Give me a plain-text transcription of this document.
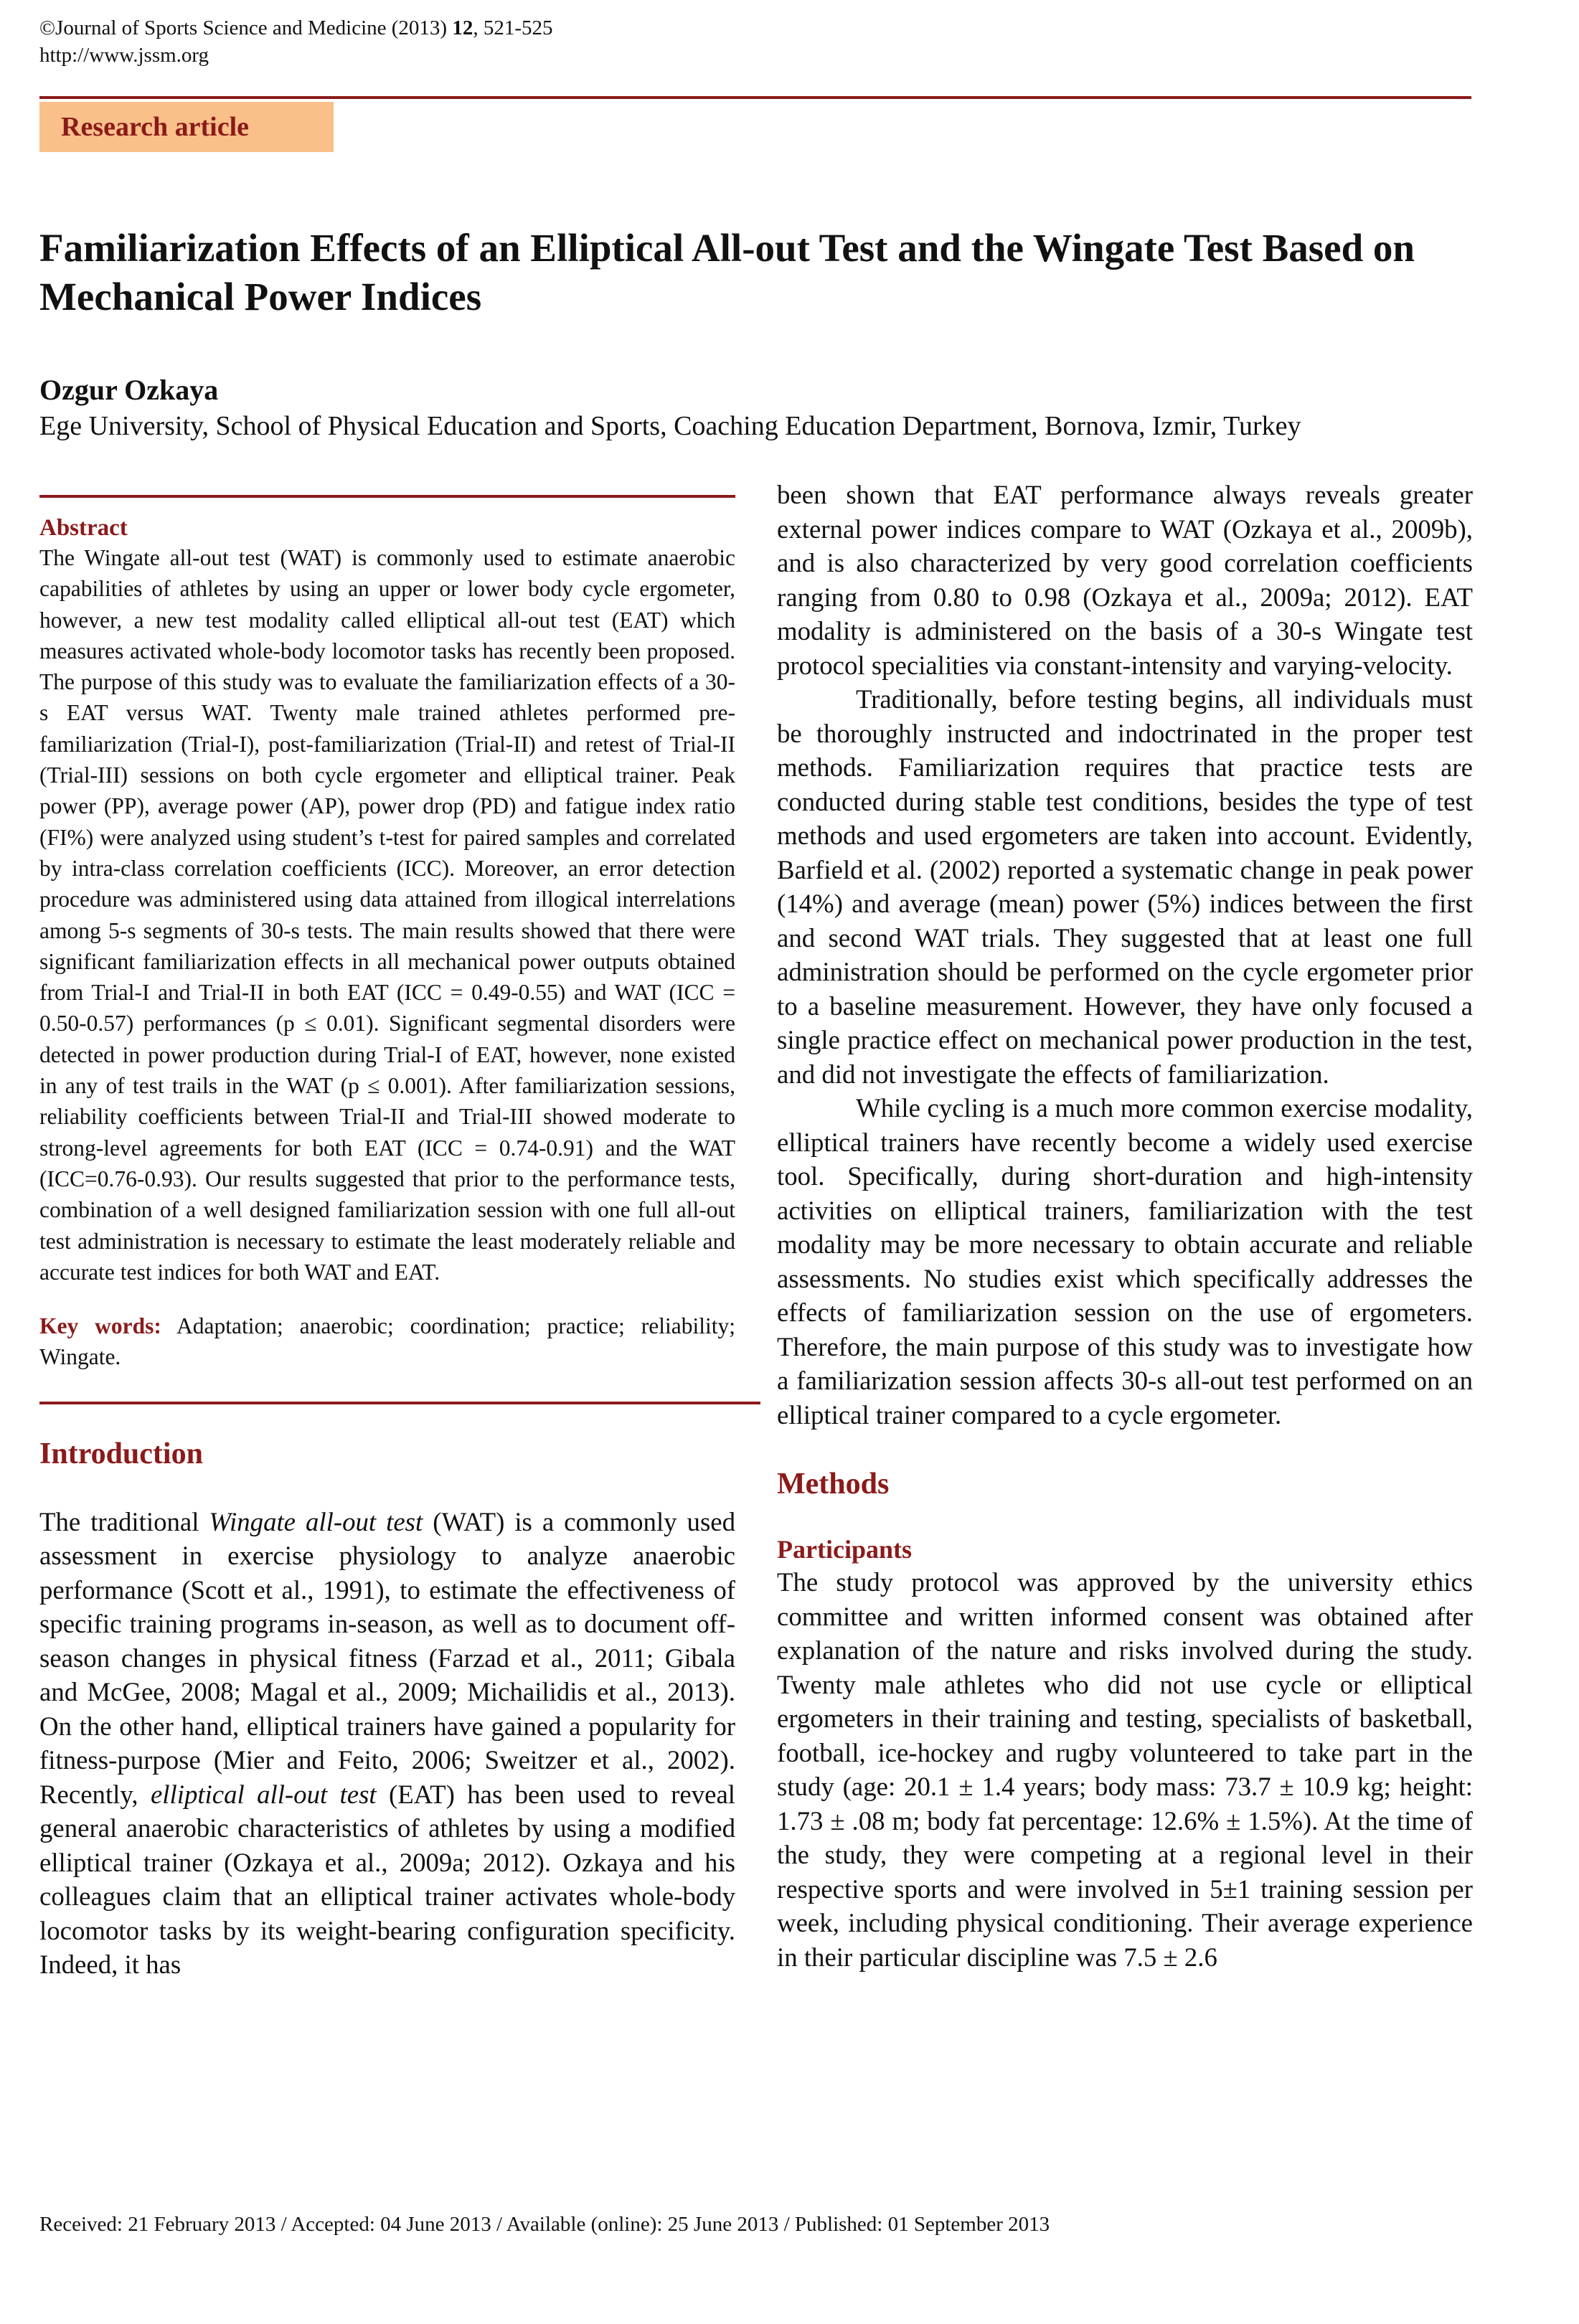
©Journal of Sports Science and Medicine (2013) 12, 521-525
http://www.jssm.org
Research article
Familiarization Effects of an Elliptical All-out Test and the Wingate Test Based on Mechanical Power Indices
Ozgur Ozkaya
Ege University, School of Physical Education and Sports, Coaching Education Department, Bornova, Izmir, Turkey
Abstract

The Wingate all-out test (WAT) is commonly used to estimate anaerobic capabilities of athletes by using an upper or lower body cycle ergometer, however, a new test modality called elliptical all-out test (EAT) which measures activated whole-body locomotor tasks has recently been proposed. The purpose of this study was to evaluate the familiarization effects of a 30-s EAT versus WAT. Twenty male trained athletes performed pre-familiarization (Trial-I), post-familiarization (Trial-II) and retest of Trial-II (Trial-III) sessions on both cycle ergometer and elliptical trainer. Peak power (PP), average power (AP), power drop (PD) and fatigue index ratio (FI%) were analyzed using student’s t-test for paired samples and correlated by intra-class correlation coefficients (ICC). Moreover, an error detection procedure was administered using data attained from illogical interrelations among 5-s segments of 30-s tests. The main results showed that there were significant familiarization effects in all mechanical power outputs obtained from Trial-I and Trial-II in both EAT (ICC = 0.49-0.55) and WAT (ICC = 0.50-0.57) performances (p ≤ 0.01). Significant segmental disorders were detected in power production during Trial-I of EAT, however, none existed in any of test trails in the WAT (p ≤ 0.001). After familiarization sessions, reliability coefficients between Trial-II and Trial-III showed moderate to strong-level agreements for both EAT (ICC = 0.74-0.91) and the WAT (ICC=0.76-0.93). Our results suggested that prior to the performance tests, combination of a well designed familiarization session with one full all-out test administration is necessary to estimate the least moderately reliable and accurate test indices for both WAT and EAT.

Key words: Adaptation; anaerobic; coordination; practice; reliability; Wingate.
Introduction

The traditional Wingate all-out test (WAT) is a commonly used assessment in exercise physiology to analyze anaerobic performance (Scott et al., 1991), to estimate the effectiveness of specific training programs in-season, as well as to document off-season changes in physical fitness (Farzad et al., 2011; Gibala and McGee, 2008; Magal et al., 2009; Michailidis et al., 2013). On the other hand, elliptical trainers have gained a popularity for fitness-purpose (Mier and Feito, 2006; Sweitzer et al., 2002). Recently, elliptical all-out test (EAT) has been used to reveal general anaerobic characteristics of athletes by using a modified elliptical trainer (Ozkaya et al., 2009a; 2012). Ozkaya and his colleagues claim that an elliptical trainer activates whole-body locomotor tasks by its weight-bearing configuration specificity. Indeed, it has

been shown that EAT performance always reveals greater external power indices compare to WAT (Ozkaya et al., 2009b), and is also characterized by very good correlation coefficients ranging from 0.80 to 0.98 (Ozkaya et al., 2009a; 2012). EAT modality is administered on the basis of a 30-s Wingate test protocol specialities via constant-intensity and varying-velocity.

Traditionally, before testing begins, all individuals must be thoroughly instructed and indoctrinated in the proper test methods. Familiarization requires that practice tests are conducted during stable test conditions, besides the type of test methods and used ergometers are taken into account. Evidently, Barfield et al. (2002) reported a systematic change in peak power (14%) and average (mean) power (5%) indices between the first and second WAT trials. They suggested that at least one full administration should be performed on the cycle ergometer prior to a baseline measurement. However, they have only focused a single practice effect on mechanical power production in the test, and did not investigate the effects of familiarization.

While cycling is a much more common exercise modality, elliptical trainers have recently become a widely used exercise tool. Specifically, during short-duration and high-intensity activities on elliptical trainers, familiarization with the test modality may be more necessary to obtain accurate and reliable assessments. No studies exist which specifically addresses the effects of familiarization session on the use of ergometers. Therefore, the main purpose of this study was to investigate how a familiarization session affects 30-s all-out test performed on an elliptical trainer compared to a cycle ergometer.

Methods
Participants

The study protocol was approved by the university ethics committee and written informed consent was obtained after explanation of the nature and risks involved during the study. Twenty male athletes who did not use cycle or elliptical ergometers in their training and testing, specialists of basketball, football, ice-hockey and rugby volunteered to take part in the study (age: 20.1 ± 1.4 years; body mass: 73.7 ± 10.9 kg; height: 1.73 ± .08 m; body fat percentage: 12.6% ± 1.5%). At the time of the study, they were competing at a regional level in their respective sports and were involved in 5±1 training session per week, including physical conditioning. Their average experience in their particular discipline was 7.5 ± 2.6

Received: 21 February 2013 / Accepted: 04 June 2013 / Available (online): 25 June 2013 / Published: 01 September 2013
